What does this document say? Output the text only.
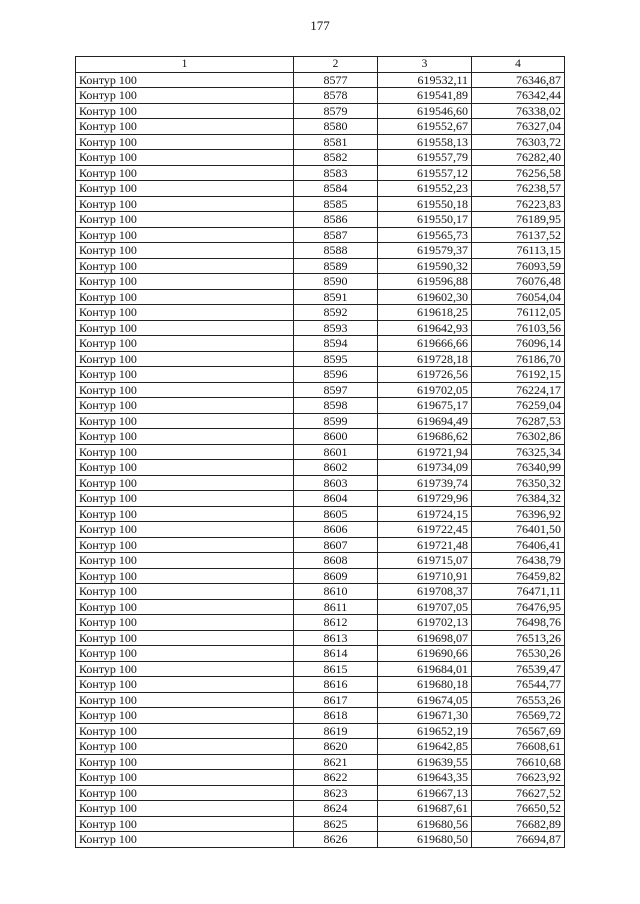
177
1	2	3	4
Контур 100	8577	619532,11	76346,87
Контур 100	8578	619541,89	76342,44
Контур 100	8579	619546,60	76338,02
Контур 100	8580	619552,67	76327,04
Контур 100	8581	619558,13	76303,72
Контур 100	8582	619557,79	76282,40
Контур 100	8583	619557,12	76256,58
Контур 100	8584	619552,23	76238,57
Контур 100	8585	619550,18	76223,83
Контур 100	8586	619550,17	76189,95
Контур 100	8587	619565,73	76137,52
Контур 100	8588	619579,37	76113,15
Контур 100	8589	619590,32	76093,59
Контур 100	8590	619596,88	76076,48
Контур 100	8591	619602,30	76054,04
Контур 100	8592	619618,25	76112,05
Контур 100	8593	619642,93	76103,56
Контур 100	8594	619666,66	76096,14
Контур 100	8595	619728,18	76186,70
Контур 100	8596	619726,56	76192,15
Контур 100	8597	619702,05	76224,17
Контур 100	8598	619675,17	76259,04
Контур 100	8599	619694,49	76287,53
Контур 100	8600	619686,62	76302,86
Контур 100	8601	619721,94	76325,34
Контур 100	8602	619734,09	76340,99
Контур 100	8603	619739,74	76350,32
Контур 100	8604	619729,96	76384,32
Контур 100	8605	619724,15	76396,92
Контур 100	8606	619722,45	76401,50
Контур 100	8607	619721,48	76406,41
Контур 100	8608	619715,07	76438,79
Контур 100	8609	619710,91	76459,82
Контур 100	8610	619708,37	76471,11
Контур 100	8611	619707,05	76476,95
Контур 100	8612	619702,13	76498,76
Контур 100	8613	619698,07	76513,26
Контур 100	8614	619690,66	76530,26
Контур 100	8615	619684,01	76539,47
Контур 100	8616	619680,18	76544,77
Контур 100	8617	619674,05	76553,26
Контур 100	8618	619671,30	76569,72
Контур 100	8619	619652,19	76567,69
Контур 100	8620	619642,85	76608,61
Контур 100	8621	619639,55	76610,68
Контур 100	8622	619643,35	76623,92
Контур 100	8623	619667,13	76627,52
Контур 100	8624	619687,61	76650,52
Контур 100	8625	619680,56	76682,89
Контур 100	8626	619680,50	76694,87
